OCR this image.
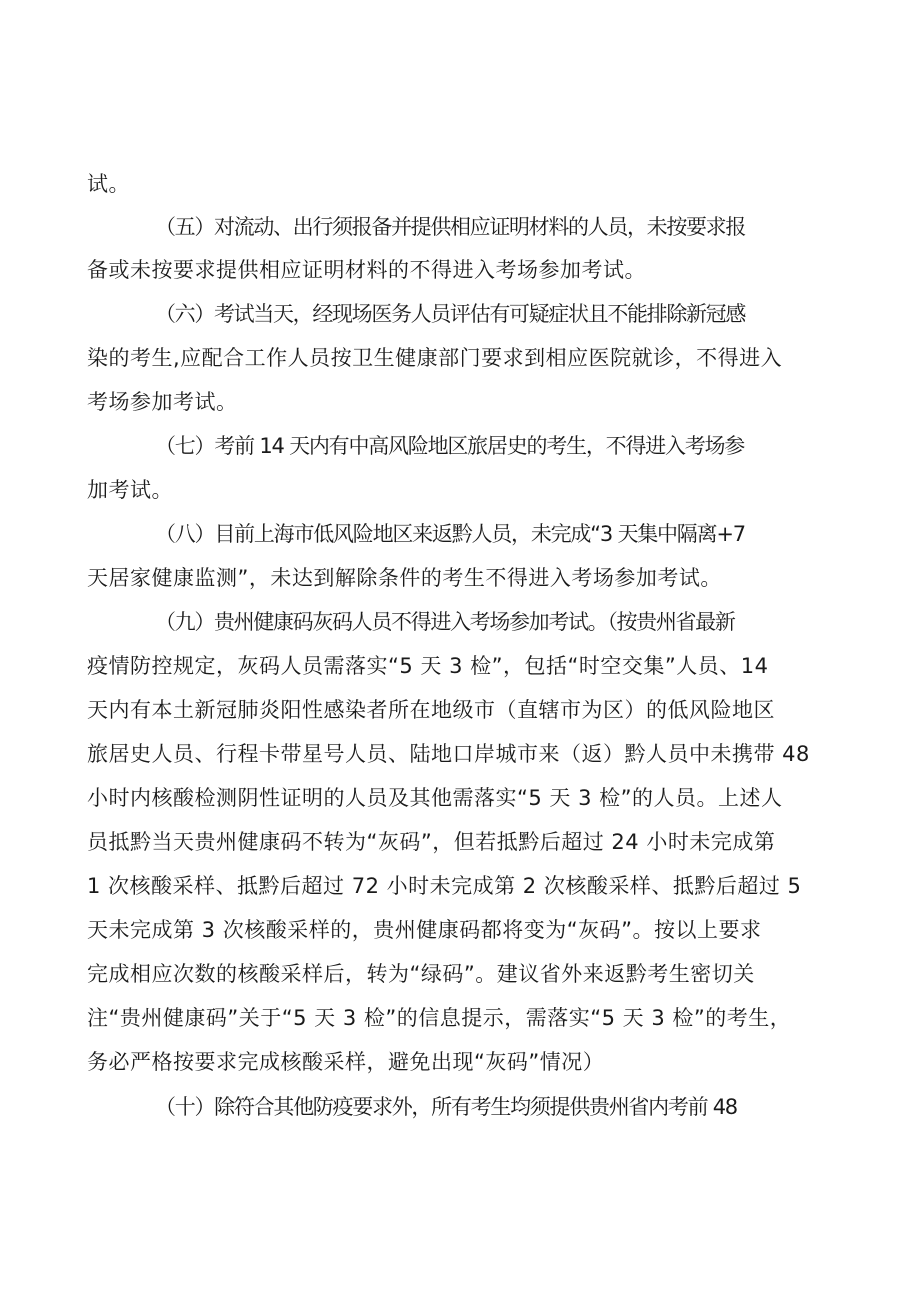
试。
（五）对流动、出行须报备并提供相应证明材料的人员，未按要求报
备或未按要求提供相应证明材料的不得进入考场参加考试。
（六）考试当天，经现场医务人员评估有可疑症状且不能排除新冠感
染的考生,应配合工作人员按卫生健康部门要求到相应医院就诊，不得进入
考场参加考试。
（七）考前 14 天内有中高风险地区旅居史的考生，不得进入考场参
加考试。
（八）目前上海市低风险地区来返黔人员，未完成“3 天集中隔离+7
天居家健康监测”，未达到解除条件的考生不得进入考场参加考试。
（九）贵州健康码灰码人员不得进入考场参加考试。（按贵州省最新
疫情防控规定，灰码人员需落实“5 天 3 检”，包括“时空交集”人员、14
天内有本土新冠肺炎阳性感染者所在地级市（直辖市为区）的低风险地区
旅居史人员、行程卡带星号人员、陆地口岸城市来（返）黔人员中未携带 48
小时内核酸检测阴性证明的人员及其他需落实“5 天 3 检”的人员。上述人
员抵黔当天贵州健康码不转为“灰码”，但若抵黔后超过 24 小时未完成第
1 次核酸采样、抵黔后超过 72 小时未完成第 2 次核酸采样、抵黔后超过 5
天未完成第 3 次核酸采样的，贵州健康码都将变为“灰码”。按以上要求
完成相应次数的核酸采样后，转为“绿码”。建议省外来返黔考生密切关
注“贵州健康码”关于“5 天 3 检”的信息提示，需落实“5 天 3 检”的考生，
务必严格按要求完成核酸采样，避免出现“灰码”情况）
（十）除符合其他防疫要求外，所有考生均须提供贵州省内考前 48
